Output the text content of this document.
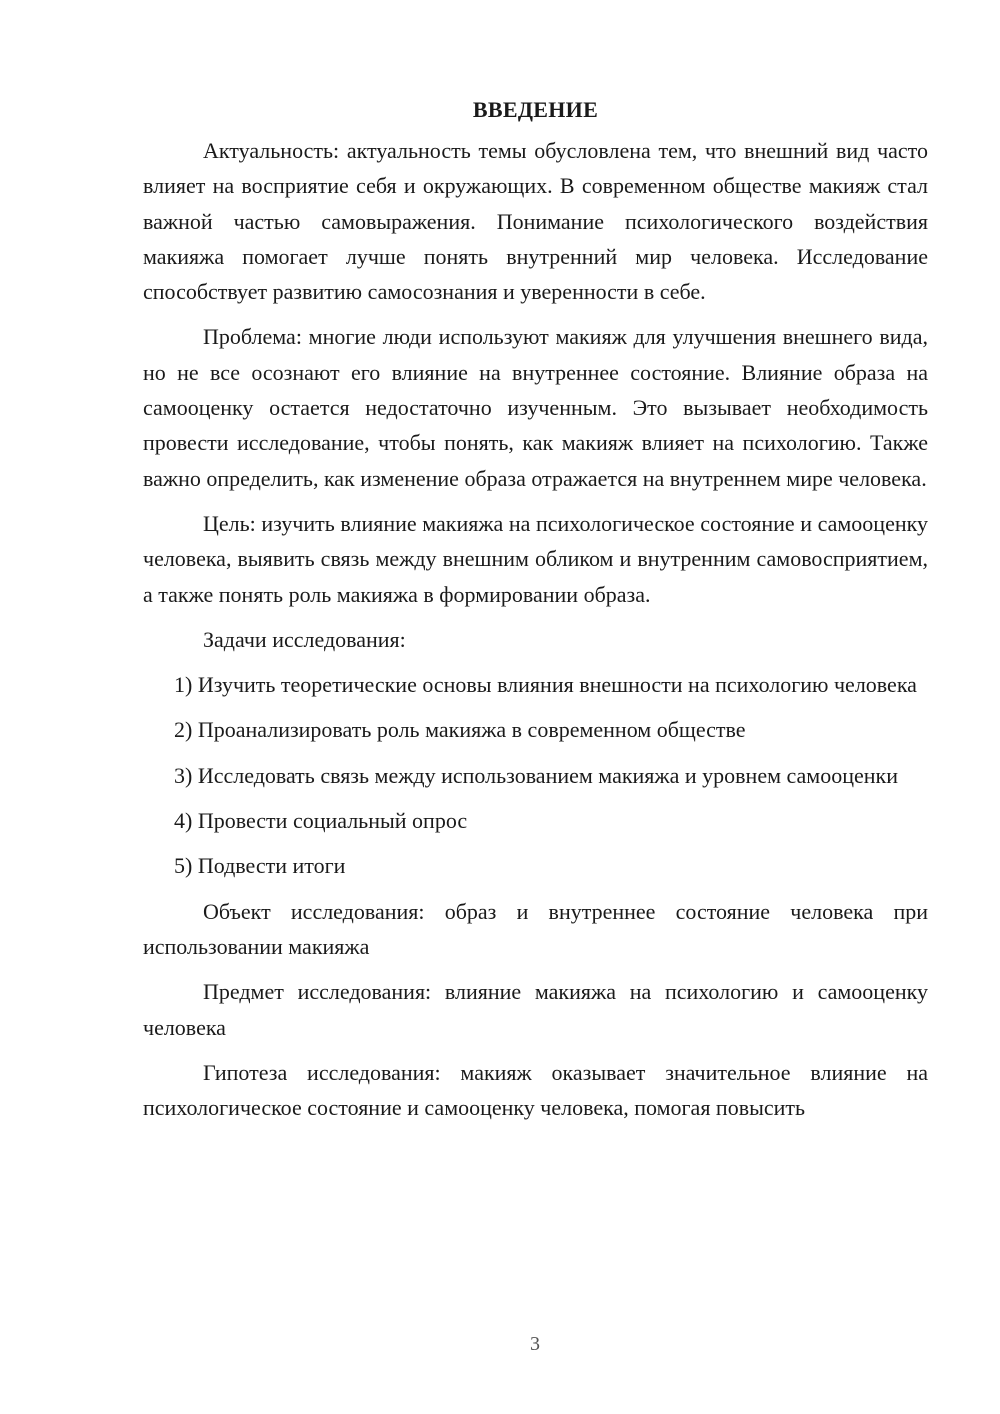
ВВЕДЕНИЕ

Актуальность: актуальность темы обусловлена тем, что внешний вид часто влияет на восприятие себя и окружающих. В современном обществе макияж стал важной частью самовыражения. Понимание психологического воздействия макияжа помогает лучше понять внутренний мир человека. Исследование способствует развитию самосознания и уверенности в себе.

Проблема: многие люди используют макияж для улучшения внешнего вида, но не все осознают его влияние на внутреннее состояние. Влияние образа на самооценку остается недостаточно изученным. Это вызывает необходимость провести исследование, чтобы понять, как макияж влияет на психологию. Также важно определить, как изменение образа отражается на внутреннем мире человека.

Цель: изучить влияние макияжа на психологическое состояние и самооценку человека, выявить связь между внешним обликом и внутренним самовосприятием, а также понять роль макияжа в формировании образа.

Задачи исследования:

1) Изучить теоретические основы влияния внешности на психологию человека

2) Проанализировать роль макияжа в современном обществе

3) Исследовать связь между использованием макияжа и уровнем самооценки

4) Провести социальный опрос

5) Подвести итоги

Объект исследования: образ и внутреннее состояние человека при использовании макияжа

Предмет исследования: влияние макияжа на психологию и самооценку человека

Гипотеза исследования: макияж оказывает значительное влияние на психологическое состояние и самооценку человека, помогая повысить

3
